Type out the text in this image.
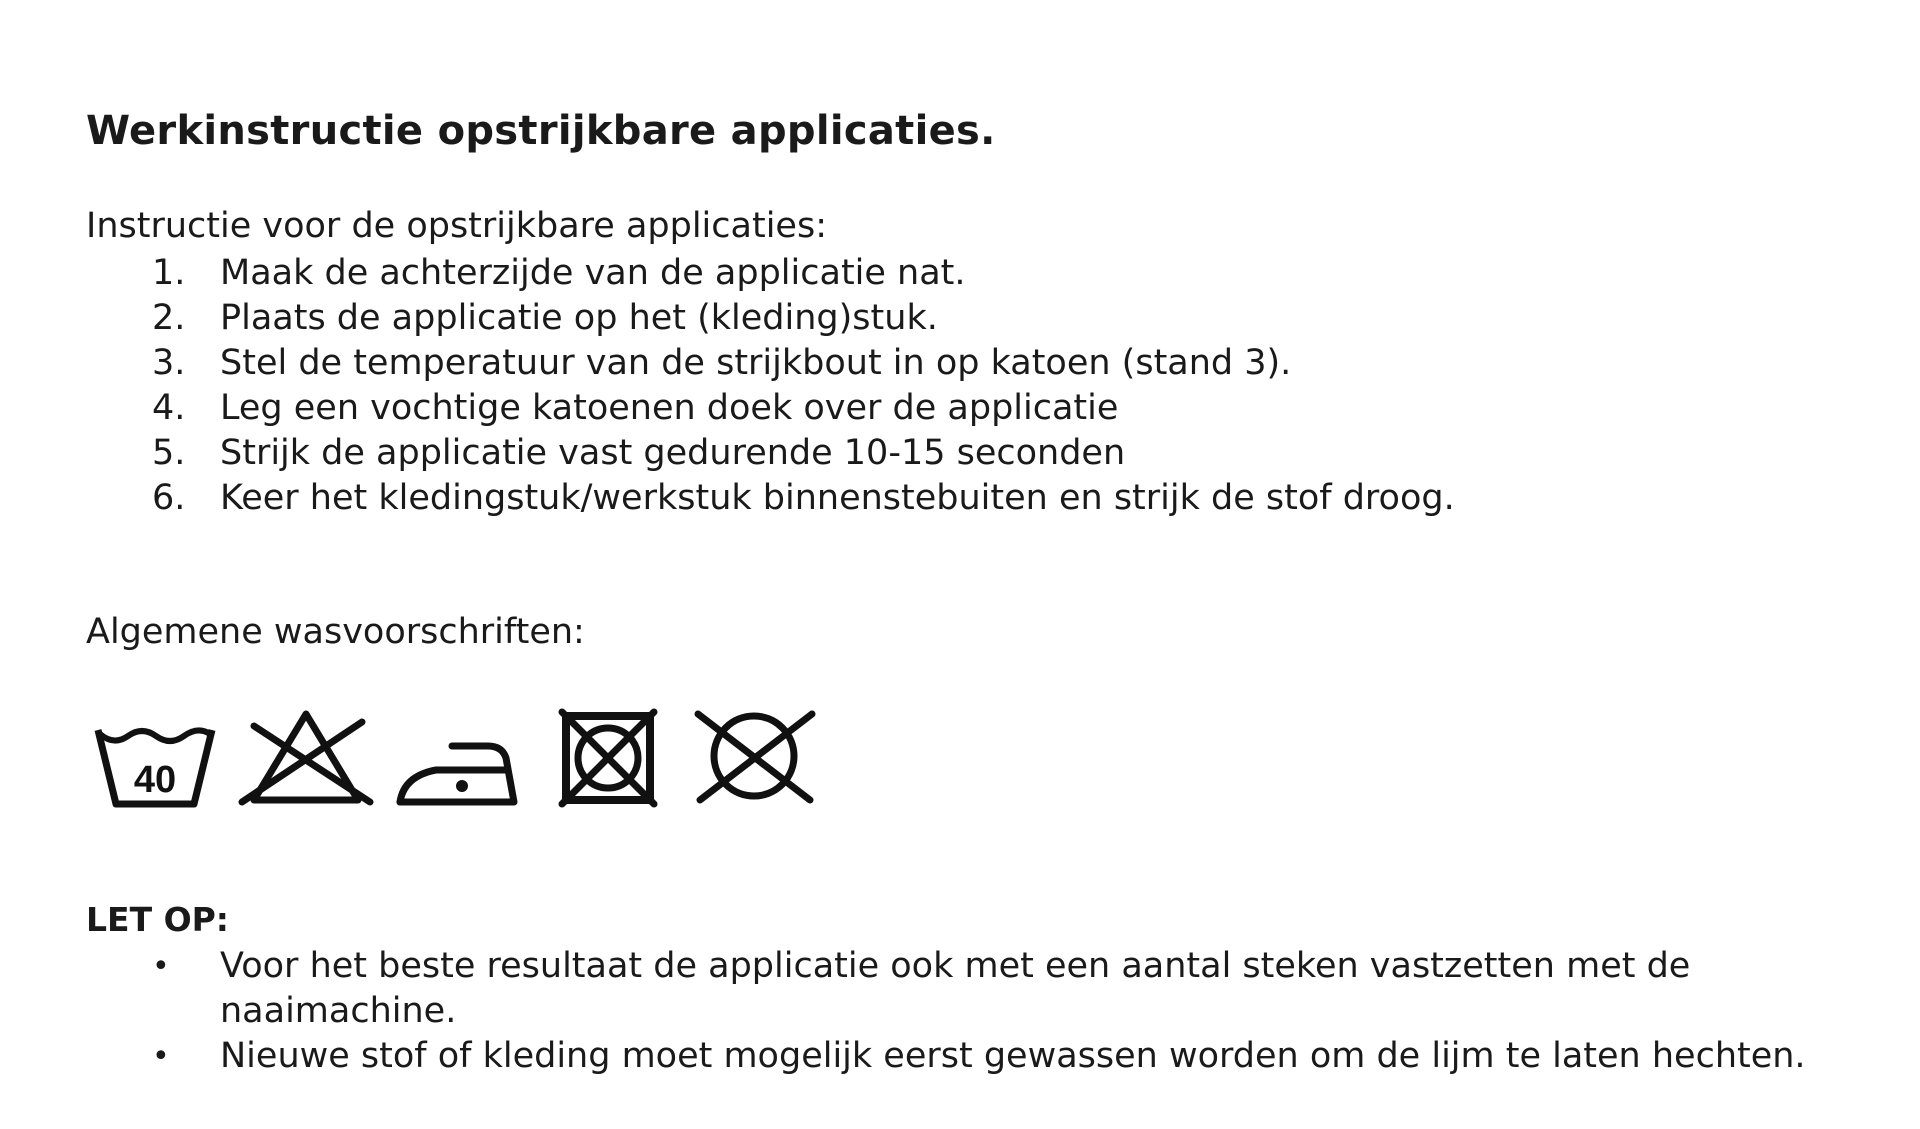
Werkinstructie opstrijkbare applicaties.

Instructie voor de opstrijkbare applicaties:

1. Maak de achterzijde van de applicatie nat.
2. Plaats de applicatie op het (kleding)stuk.
3. Stel de temperatuur van de strijkbout in op katoen (stand 3).
4. Leg een vochtige katoenen doek over de applicatie
5. Strijk de applicatie vast gedurende 10-15 seconden
6. Keer het kledingstuk/werkstuk binnenstebuiten en strijk de stof droog.

Algemene wasvoorschriften:

40

LET OP:

• Voor het beste resultaat de applicatie ook met een aantal steken vastzetten met de naaimachine.
• Nieuwe stof of kleding moet mogelijk eerst gewassen worden om de lijm te laten hechten.
